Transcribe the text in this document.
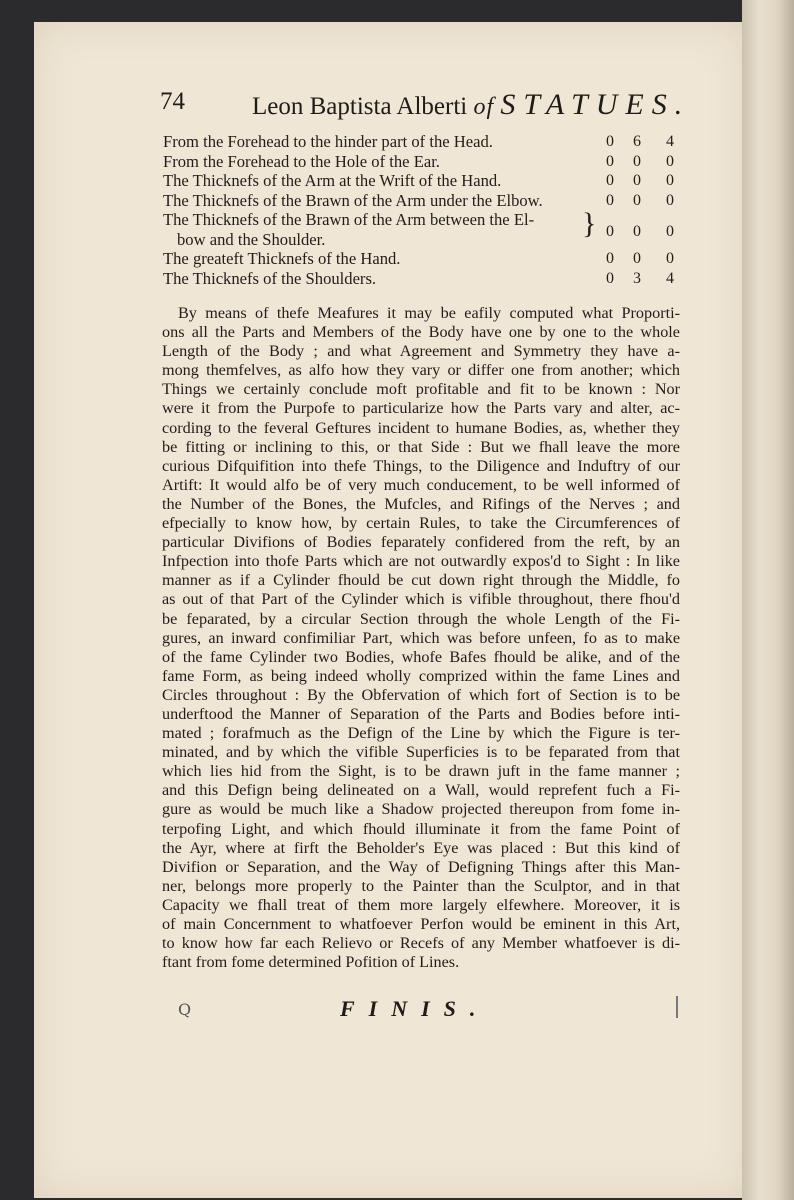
74	Leon Baptista Alberti of STATUES.
From the Forehead to the hinder part of the Head.	0	6	4
From the Forehead to the Hole of the Ear.	0	0	0
The Thicknefs of the Arm at the Wrift of the Hand.	0	0	0
The Thicknefs of the Brawn of the Arm under the Elbow.	0	0	0
The Thicknefs of the Brawn of the Arm between the El-
bow and the Shoulder.	0	0	0
}
The greateft Thicknefs of the Hand.	0	0	0
The Thicknefs of the Shoulders.	0	3	4
By means of thefe Meafures it may be eafily computed what Proporti-
ons all the Parts and Members of the Body have one by one to the whole
Length of the Body ; and what Agreement and Symmetry they have a-
mong themfelves, as alfo how they vary or differ one from another; which
Things we certainly conclude moft profitable and fit to be known : Nor
were it from the Purpofe to particularize how the Parts vary and alter, ac-
cording to the feveral Geftures incident to humane Bodies, as, whether they
be fitting or inclining to this, or that Side : But we fhall leave the more
curious Difquifition into thefe Things, to the Diligence and Induftry of our
Artift: It would alfo be of very much conducement, to be well informed of
the Number of the Bones, the Mufcles, and Rifings of the Nerves ; and
efpecially to know how, by certain Rules, to take the Circumferences of
particular Divifions of Bodies feparately confidered from the reft, by an
Infpection into thofe Parts which are not outwardly expos'd to Sight : In like
manner as if a Cylinder fhould be cut down right through the Middle, fo
as out of that Part of the Cylinder which is vifible throughout, there fhou'd
be feparated, by a circular Section through the whole Length of the Fi-
gures, an inward confimiliar Part, which was before unfeen, fo as to make
of the fame Cylinder two Bodies, whofe Bafes fhould be alike, and of the
fame Form, as being indeed wholly comprized within the fame Lines and
Circles throughout : By the Obfervation of which fort of Section is to be
underftood the Manner of Separation of the Parts and Bodies before inti-
mated ; forafmuch as the Defign of the Line by which the Figure is ter-
minated, and by which the vifible Superficies is to be feparated from that
which lies hid from the Sight, is to be drawn juft in the fame manner ;
and this Defign being delineated on a Wall, would reprefent fuch a Fi-
gure as would be much like a Shadow projected thereupon from fome in-
terpofing Light, and which fhould illuminate it from the fame Point of
the Ayr, where at firft the Beholder's Eye was placed : But this kind of
Divifion or Separation, and the Way of Defigning Things after this Man-
ner, belongs more properly to the Painter than the Sculptor, and in that
Capacity we fhall treat of them more largely elfewhere. Moreover, it is
of main Concernment to whatfoever Perfon would be eminent in this Art,
to know how far each Relievo or Recefs of any Member whatfoever is di-
ftant from fome determined Pofition of Lines.
FINIS.
Q
